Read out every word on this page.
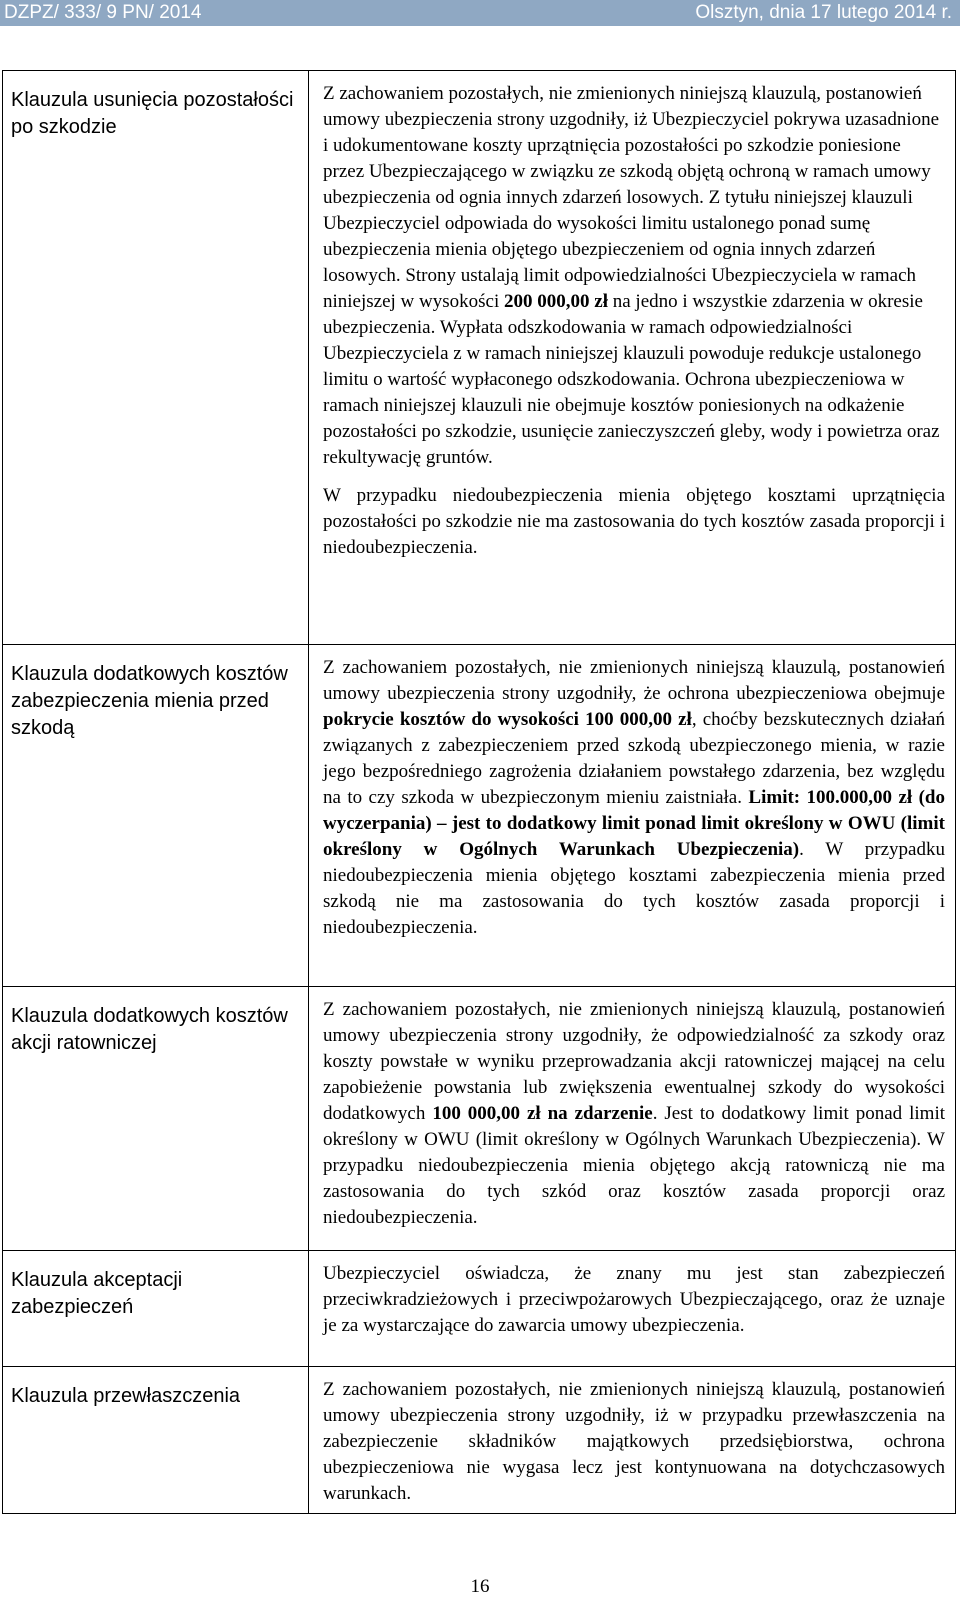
DZPZ/ 333/ 9 PN/ 2014	Olsztyn, dnia 17 lutego 2014 r.
Klauzula usunięcia pozostałości po szkodzie	Z zachowaniem pozostałych, nie zmienionych niniejszą klauzulą, postanowień umowy ubezpieczenia strony uzgodniły, iż Ubezpieczyciel pokrywa uzasadnione i udokumentowane koszty uprzątnięcia pozostałości po szkodzie poniesione przez Ubezpieczającego w związku ze szkodą objętą ochroną w ramach umowy ubezpieczenia od ognia innych zdarzeń losowych. Z tytułu niniejszej klauzuli Ubezpieczyciel odpowiada do wysokości limitu ustalonego ponad sumę ubezpieczenia mienia objętego ubezpieczeniem od ognia innych zdarzeń losowych. Strony ustalają limit odpowiedzialności Ubezpieczyciela w ramach niniejszej w wysokości 200 000,00 zł na jedno i wszystkie zdarzenia w okresie ubezpieczenia. Wypłata odszkodowania w ramach odpowiedzialności Ubezpieczyciela z w ramach niniejszej klauzuli powoduje redukcje ustalonego limitu o wartość wypłaconego odszkodowania. Ochrona ubezpieczeniowa w ramach niniejszej klauzuli nie obejmuje kosztów poniesionych na odkażenie pozostałości po szkodzie, usunięcie zanieczyszczeń gleby, wody i powietrza oraz rekultywację gruntów.

W przypadku niedoubezpieczenia mienia objętego kosztami uprzątnięcia pozostałości po szkodzie nie ma zastosowania do tych kosztów zasada proporcji i niedoubezpieczenia.

Klauzula dodatkowych kosztów zabezpieczenia mienia przed szkodą	Z zachowaniem pozostałych, nie zmienionych niniejszą klauzulą, postanowień umowy ubezpieczenia strony uzgodniły, że ochrona ubezpieczeniowa obejmuje pokrycie kosztów do wysokości 100 000,00 zł, choćby bezskutecznych działań związanych z zabezpieczeniem przed szkodą ubezpieczonego mienia, w razie jego bezpośredniego zagrożenia działaniem powstałego zdarzenia, bez względu na to czy szkoda w ubezpieczonym mieniu zaistniała. Limit: 100.000,00 zł (do wyczerpania) – jest to dodatkowy limit ponad limit określony w OWU (limit określony w Ogólnych Warunkach Ubezpieczenia). W przypadku niedoubezpieczenia mienia objętego kosztami zabezpieczenia mienia przed szkodą nie ma zastosowania do tych kosztów zasada proporcji i niedoubezpieczenia.

Klauzula dodatkowych kosztów akcji ratowniczej	Z zachowaniem pozostałych, nie zmienionych niniejszą klauzulą, postanowień umowy ubezpieczenia strony uzgodniły, że odpowiedzialność za szkody oraz koszty powstałe w wyniku przeprowadzania akcji ratowniczej mającej na celu zapobieżenie powstania lub zwiększenia ewentualnej szkody do wysokości dodatkowych 100 000,00 zł na zdarzenie. Jest to dodatkowy limit ponad limit określony w OWU (limit określony w Ogólnych Warunkach Ubezpieczenia). W przypadku niedoubezpieczenia mienia objętego akcją ratowniczą nie ma zastosowania do tych szkód oraz kosztów zasada proporcji oraz niedoubezpieczenia.

Klauzula akceptacji zabezpieczeń	Ubezpieczyciel oświadcza, że znany mu jest stan zabezpieczeń przeciwkradzieżowych i przeciwpożarowych Ubezpieczającego, oraz że uznaje je za wystarczające do zawarcia umowy ubezpieczenia.

Klauzula przewłaszczenia	Z zachowaniem pozostałych, nie zmienionych niniejszą klauzulą, postanowień umowy ubezpieczenia strony uzgodniły, iż w przypadku przewłaszczenia na zabezpieczenie składników majątkowych przedsiębiorstwa, ochrona ubezpieczeniowa nie wygasa lecz jest kontynuowana na dotychczasowych warunkach.

16
